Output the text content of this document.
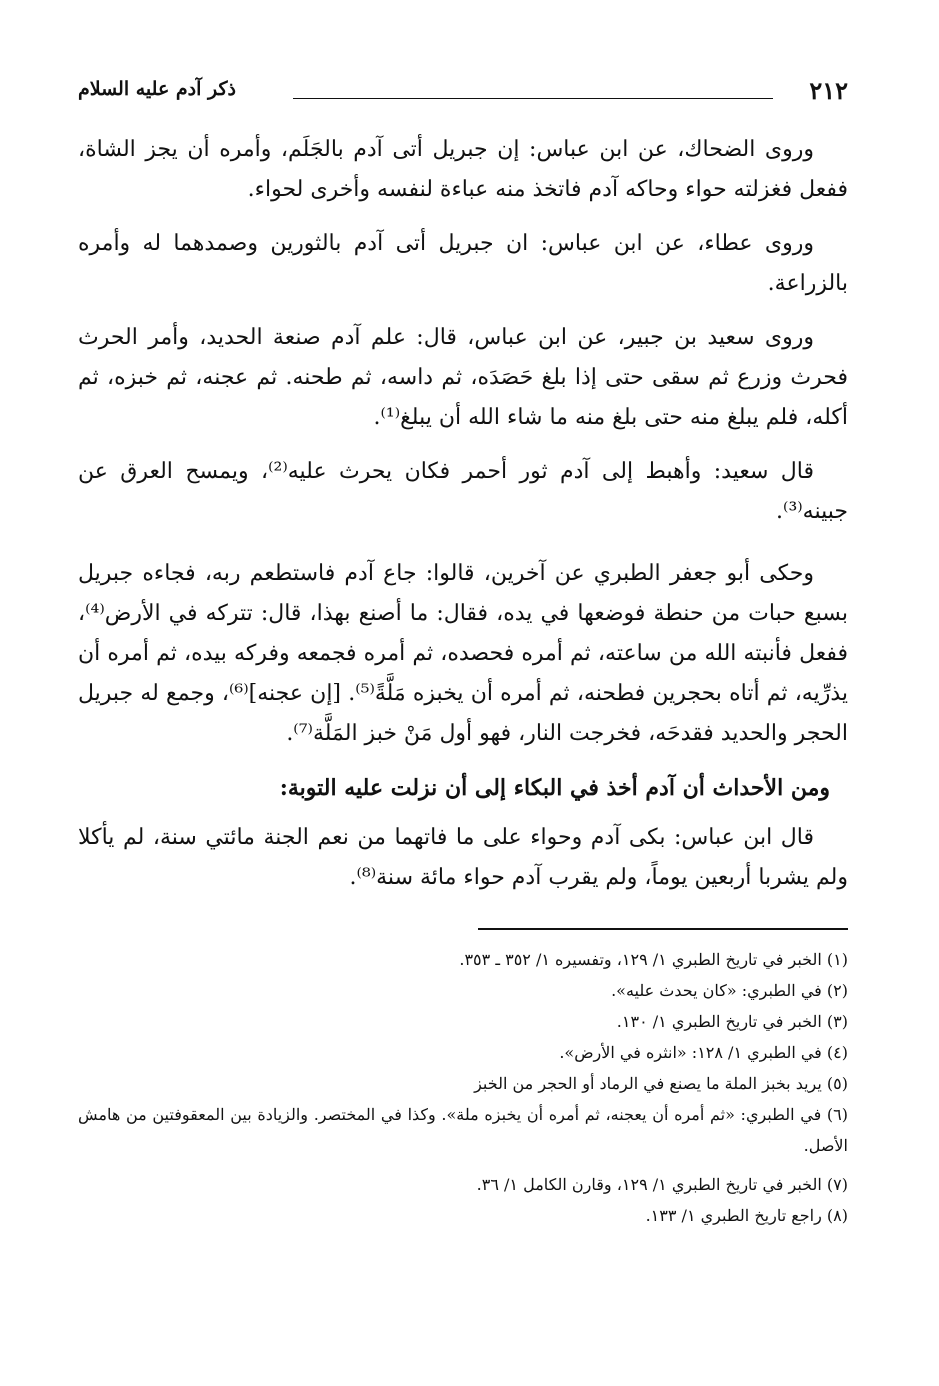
٢١٢
ذكر آدم عليه السلام

وروى الضحاك، عن ابن عباس: إن جبريل أتى آدم بالجَلَم، وأمره أن يجز الشاة، ففعل فغزلته حواء وحاكه آدم فاتخذ منه عباءة لنفسه وأخرى لحواء.

وروى عطاء، عن ابن عباس: ان جبريل أتى آدم بالثورين وصمدهما له وأمره بالزراعة.

وروى سعيد بن جبير، عن ابن عباس، قال: علم آدم صنعة الحديد، وأمر الحرث فحرث وزرع ثم سقى حتى إذا بلغ حَصَدَه، ثم داسه، ثم طحنه. ثم عجنه، ثم خبزه، ثم أكله، فلم يبلغ منه حتى بلغ منه ما شاء الله أن يبلغ⁽¹⁾.

قال سعيد: وأهبط إلى آدم ثور أحمر فكان يحرث عليه⁽²⁾، ويمسح العرق عن جبينه⁽³⁾.

وحكى أبو جعفر الطبري عن آخرين، قالوا: جاع آدم فاستطعم ربه، فجاءه جبريل بسبع حبات من حنطة فوضعها في يده، فقال: ما أصنع بهذا، قال: تتركه في الأرض⁽⁴⁾، ففعل فأنبته الله من ساعته، ثم أمره فحصده، ثم أمره فجمعه وفركه بيده، ثم أمره أن يذرِّيه، ثم أتاه بحجرين فطحنه، ثم أمره أن يخبزه مَلَّةً⁽⁵⁾. [إن عجنه]⁽⁶⁾، وجمع له جبريل الحجر والحديد فقدحَه، فخرجت النار، فهو أول مَنْ خبز المَلَّة⁽⁷⁾.

ومن الأحداث أن آدم أخذ في البكاء إلى أن نزلت عليه التوبة:

قال ابن عباس: بكى آدم وحواء على ما فاتهما من نعم الجنة مائتي سنة، لم يأكلا ولم يشربا أربعين يوماً، ولم يقرب آدم حواء مائة سنة⁽⁸⁾.

(١) الخبر في تاريخ الطبري ١/ ١٢٩، وتفسيره ١/ ٣٥٢ ـ ٣٥٣.
(٢) في الطبري: «كان يحدث عليه».
(٣) الخبر في تاريخ الطبري ١/ ١٣٠.
(٤) في الطبري ١/ ١٢٨: «انثره في الأرض».
(٥) يريد بخبز الملة ما يصنع في الرماد أو الحجر من الخبز
(٦) في الطبري: «ثم أمره أن يعجنه، ثم أمره أن يخبزه ملة». وكذا في المختصر. والزيادة بين المعقوفتين من هامش الأصل.
(٧) الخبر في تاريخ الطبري ١/ ١٢٩، وقارن الكامل ١/ ٣٦.
(٨) راجع تاريخ الطبري ١/ ١٣٣.
